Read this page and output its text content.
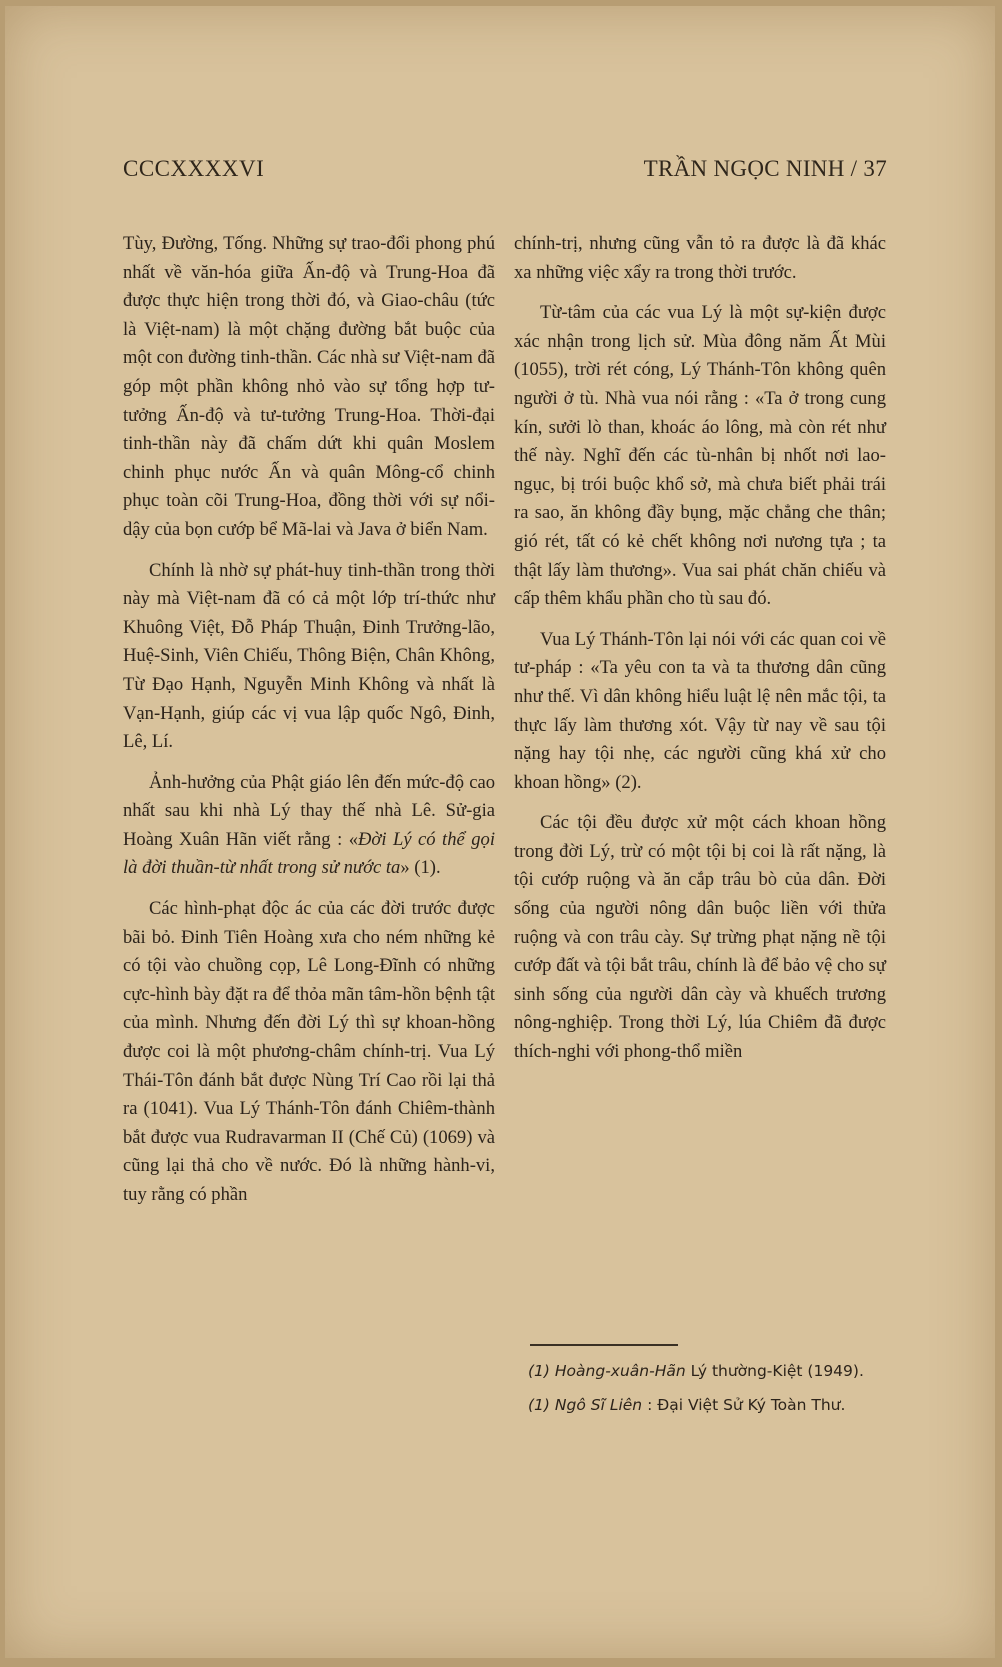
CCCXXXXVI	TRẦN NGỌC NINH / 37

Tùy, Đường, Tống. Những sự trao-đổi phong phú nhất về văn-hóa giữa Ấn-độ và Trung-Hoa đã được thực hiện trong thời đó, và Giao-châu (tức là Việt-nam) là một chặng đường bắt buộc của một con đường tinh-thần. Các nhà sư Việt-nam đã góp một phần không nhỏ vào sự tổng hợp tư-tưởng Ấn-độ và tư-tưởng Trung-Hoa. Thời-đại tinh-thần này đã chấm dứt khi quân Moslem chinh phục nước Ấn và quân Mông-cổ chinh phục toàn cõi Trung-Hoa, đồng thời với sự nổi-dậy của bọn cướp bể Mã-lai và Java ở biển Nam.

Chính là nhờ sự phát-huy tinh-thần trong thời này mà Việt-nam đã có cả một lớp trí-thức như Khuông Việt, Đỗ Pháp Thuận, Đinh Trưởng-lão, Huệ-Sinh, Viên Chiếu, Thông Biện, Chân Không, Từ Đạo Hạnh, Nguyễn Minh Không và nhất là Vạn-Hạnh, giúp các vị vua lập quốc Ngô, Đinh, Lê, Lí.

Ảnh-hưởng của Phật giáo lên đến mức-độ cao nhất sau khi nhà Lý thay thế nhà Lê. Sử-gia Hoàng Xuân Hãn viết rằng : «Đời Lý có thể gọi là đời thuần-từ nhất trong sử nước ta» (1).

Các hình-phạt độc ác của các đời trước được bãi bỏ. Đinh Tiên Hoàng xưa cho ném những kẻ có tội vào chuồng cọp, Lê Long-Đĩnh có những cực-hình bày đặt ra để thỏa mãn tâm-hồn bệnh tật của mình. Nhưng đến đời Lý thì sự khoan-hồng được coi là một phương-châm chính-trị. Vua Lý Thái-Tôn đánh bắt được Nùng Trí Cao rồi lại thả ra (1041). Vua Lý Thánh-Tôn đánh Chiêm-thành bắt được vua Rudravarman II (Chế Củ) (1069) và cũng lại thả cho về nước. Đó là những hành-vi, tuy rằng có phần

chính-trị, nhưng cũng vẫn tỏ ra được là đã khác xa những việc xẩy ra trong thời trước.

Từ-tâm của các vua Lý là một sự-kiện được xác nhận trong lịch sử. Mùa đông năm Ất Mùi (1055), trời rét cóng, Lý Thánh-Tôn không quên người ở tù. Nhà vua nói rằng : «Ta ở trong cung kín, sưởi lò than, khoác áo lông, mà còn rét như thế này. Nghĩ đến các tù-nhân bị nhốt nơi lao-ngục, bị trói buộc khổ sở, mà chưa biết phải trái ra sao, ăn không đầy bụng, mặc chẳng che thân; gió rét, tất có kẻ chết không nơi nương tựa ; ta thật lấy làm thương». Vua sai phát chăn chiếu và cấp thêm khẩu phần cho tù sau đó.

Vua Lý Thánh-Tôn lại nói với các quan coi về tư-pháp : «Ta yêu con ta và ta thương dân cũng như thế. Vì dân không hiểu luật lệ nên mắc tội, ta thực lấy làm thương xót. Vậy từ nay về sau tội nặng hay tội nhẹ, các người cũng khá xử cho khoan hồng» (2).

Các tội đều được xử một cách khoan hồng trong đời Lý, trừ có một tội bị coi là rất nặng, là tội cướp ruộng và ăn cắp trâu bò của dân. Đời sống của người nông dân buộc liền với thửa ruộng và con trâu cày. Sự trừng phạt nặng nề tội cướp đất và tội bắt trâu, chính là để bảo vệ cho sự sinh sống của người dân cày và khuếch trương nông-nghiệp. Trong thời Lý, lúa Chiêm đã được thích-nghi với phong-thổ miền

(1) Hoàng-xuân-Hãn Lý thường-Kiệt (1949).

(1) Ngô Sĩ Liên : Đại Việt Sử Ký Toàn Thư.
